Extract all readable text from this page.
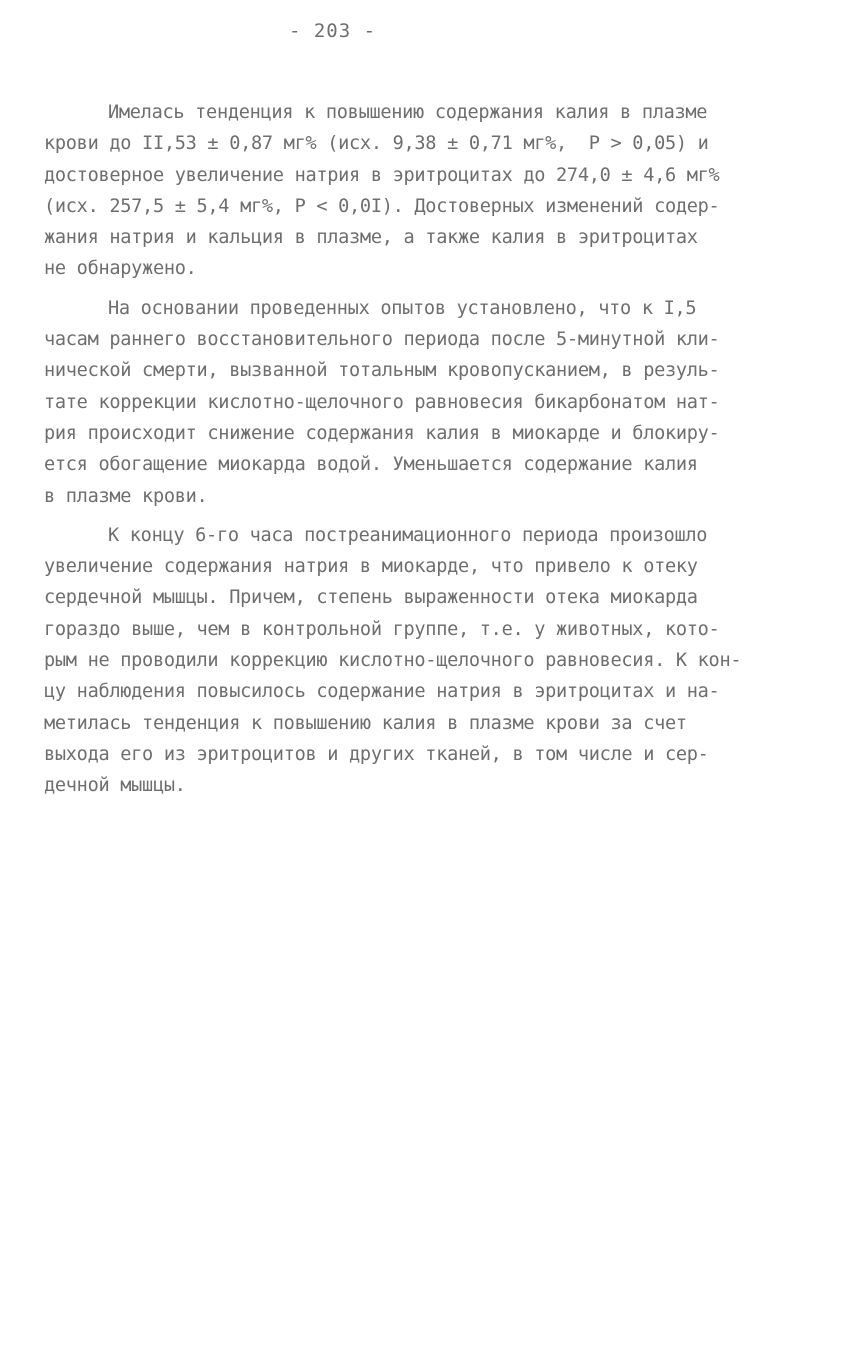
- 203 -
Имелась тенденция к повышению содержания калия в плазме
крови до II,53 ± 0,87 мг% (исх. 9,38 ± 0,71 мг%,  P > 0,05) и
достоверное увеличение натрия в эритроцитах до 274,0 ± 4,6 мг%
(исх. 257,5 ± 5,4 мг%, P < 0,0I). Достоверных изменений содер-
жания натрия и кальция в плазме, а также калия в эритроцитах
не обнаружено.
На основании проведенных опытов установлено, что к I,5
часам раннего восстановительного периода после 5-минутной кли-
нической смерти, вызванной тотальным кровопусканием, в резуль-
тате коррекции кислотно-щелочного равновесия бикарбонатом нат-
рия происходит снижение содержания калия в миокарде и блокиру-
ется обогащение миокарда водой. Уменьшается содержание калия
в плазме крови.
К концу 6-го часа постреанимационного периода произошло
увеличение содержания натрия в миокарде, что привело к отеку
сердечной мышцы. Причем, степень выраженности отека миокарда
гораздо выше, чем в контрольной группе, т.е. у животных, кото-
рым не проводили коррекцию кислотно-щелочного равновесия. К кон-
цу наблюдения повысилось содержание натрия в эритроцитах и на-
метилась тенденция к повышению калия в плазме крови за счет
выхода его из эритроцитов и других тканей, в том числе и сер-
дечной мышцы.
